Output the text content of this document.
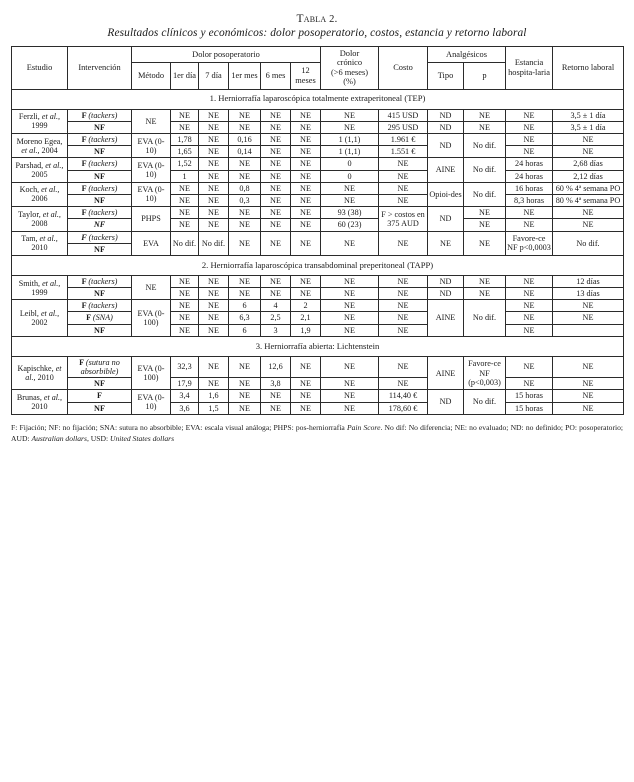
Tabla 2.
Resultados clínicos y económicos: dolor posoperatorio, costos, estancia y retorno laboral
Estudio	Intervención	Dolor posoperatorio						Dolor
crónico
(>6 meses)
(%)	Costo	Analgésicos		Estancia hospita-laria	Retorno laboral
		Método	1er día	7 día	1er mes	6 mes	12 meses			Tipo	p		
1. Herniorrafía laparoscópica totalmente extraperitoneal (TEP)													
Ferzli, et al., 1999	F (tackers)	NE	NE	NE	NE	NE	NE	NE	415 USD	ND	NE	NE	3,5 ± 1 día
	NF		NE	NE	NE	NE	NE	NE	295 USD	ND	NE	NE	3,5 ± 1 día
Moreno Egea, et al., 2004	F (tackers)	EVA (0-10)	1,78	NE	0,16	NE	NE	1 (1,1)	1.961 €	ND	No dif.	NE	NE
	NF		1,65	NE	0,14	NE	NE	1 (1,1)	1.551 €			NE	NE
Parshad, et al., 2005	F (tackers)	EVA (0-10)	1,52	NE	NE	NE	NE	0	NE	AINE	No dif.	24 horas	2,68 días
	NF		1	NE	NE	NE	NE	0	NE			24 horas	2,12 días
Koch, et al., 2006	F (tackers)	EVA (0-10)	NE	NE	0,8	NE	NE	NE	NE	Opioi-des	No dif.	16 horas	60 % 4ª semana PO
	NF		NE	NE	0,3	NE	NE	NE	NE			8,3 horas	80 % 4ª semana PO
Taylor, et al., 2008	F (tackers)	PHPS	NE	NE	NE	NE	NE	93 (38)	F > costos en 375 AUD	ND	NE	NE	NE
	NF		NE	NE	NE	NE	NE	60 (23)			NE	NE	NE
Tam, et al., 2010	F (tackers)	EVA	No dif.	No dif.	NE	NE	NE	NE	NE	NE	NE	Favore-ce NF p<0,0003	No dif.
	NF												
2. Herniorrafía laparoscópica transabdominal preperitoneal (TAPP)													
Smith, et al., 1999	F (tackers)	NE	NE	NE	NE	NE	NE	NE	NE	ND	NE	NE	12 días
	NF		NE	NE	NE	NE	NE	NE	NE	ND	NE	NE	13 días
Leibl, et al., 2002	F (tackers)	EVA (0-100)	NE	NE	6	4	2	NE	NE	AINE	No dif.	NE	NE
	F (SNA)		NE	NE	6,3	2,5	2,1	NE	NE			NE	NE
	NF		NE	NE	6	3	1,9	NE	NE			NE	
3. Herniorrafía abierta: Lichtenstein													
Kapischke, et al., 2010	F (sutura no absorbible)	EVA (0-100)	32,3	NE	NE	12,6	NE	NE	NE	AINE	Favore-ce NF (p<0,003)	NE	NE
	NF		17,9	NE	NE	3,8	NE	NE	NE			NE	NE
Brunas, et al., 2010	F	EVA (0-10)	3,4	1,6	NE	NE	NE	NE	114,40 €	ND	No dif.	15 horas	NE
	NF		3,6	1,5	NE	NE	NE	NE	178,60 €			15 horas	NE
F: Fijación; NF: no fijación; SNA: sutura no absorbible; EVA: escala visual análoga; PHPS: pos-herniorrafía Pain Score. No dif: No diferencia; NE: no evaluado; ND: no definido; PO: posoperatorio; AUD: Australian dollars, USD: United States dollars
